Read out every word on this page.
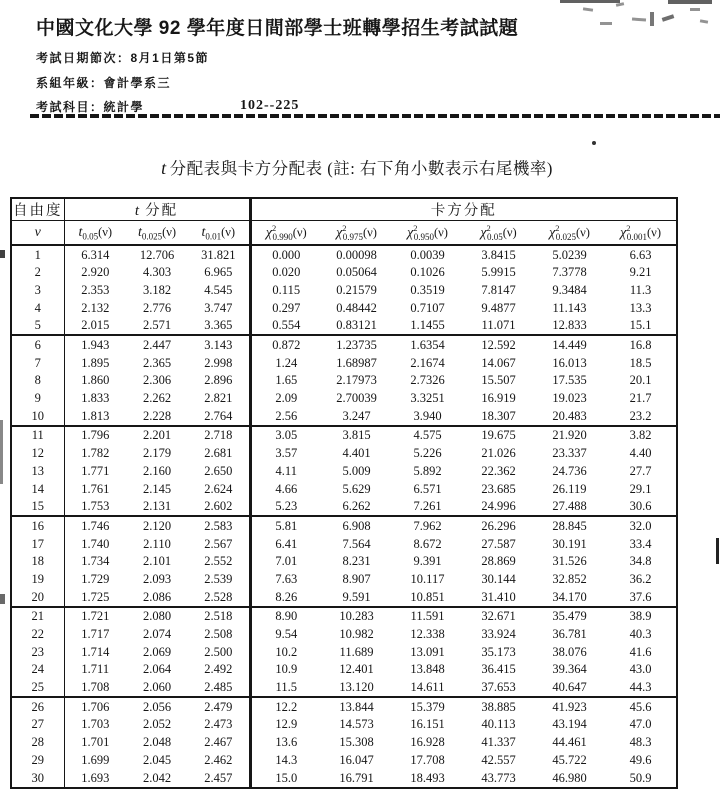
中國文化大學 92 學年度日間部學士班轉學招生考試試題
考試日期節次：8月1日第5節
系組年級：會計學系三
考試科目：統計學	102--225
t 分配表與卡方分配表 (註: 右下角小數表示右尾機率)
自由度	t 分配			卡方分配					
ν	$t_{0.05}(\nu)$	$t_{0.025}(\nu)$	$t_{0.01}(\nu)$	$\chi^2_{0.990}(\nu)$	$\chi^2_{0.975}(\nu)$	$\chi^2_{0.950}(\nu)$	$\chi^2_{0.05}(\nu)$	$\chi^2_{0.025}(\nu)$	$\chi^2_{0.001}(\nu)$
1	6.314	12.706	31.821	0.000	0.00098	0.0039	3.8415	5.0239	6.63
2	2.920	4.303	6.965	0.020	0.05064	0.1026	5.9915	7.3778	9.21
3	2.353	3.182	4.545	0.115	0.21579	0.3519	7.8147	9.3484	11.3
4	2.132	2.776	3.747	0.297	0.48442	0.7107	9.4877	11.143	13.3
5	2.015	2.571	3.365	0.554	0.83121	1.1455	11.071	12.833	15.1
6	1.943	2.447	3.143	0.872	1.23735	1.6354	12.592	14.449	16.8
7	1.895	2.365	2.998	1.24	1.68987	2.1674	14.067	16.013	18.5
8	1.860	2.306	2.896	1.65	2.17973	2.7326	15.507	17.535	20.1
9	1.833	2.262	2.821	2.09	2.70039	3.3251	16.919	19.023	21.7
10	1.813	2.228	2.764	2.56	3.247	3.940	18.307	20.483	23.2
11	1.796	2.201	2.718	3.05	3.815	4.575	19.675	21.920	3.82
12	1.782	2.179	2.681	3.57	4.401	5.226	21.026	23.337	4.40
13	1.771	2.160	2.650	4.11	5.009	5.892	22.362	24.736	27.7
14	1.761	2.145	2.624	4.66	5.629	6.571	23.685	26.119	29.1
15	1.753	2.131	2.602	5.23	6.262	7.261	24.996	27.488	30.6
16	1.746	2.120	2.583	5.81	6.908	7.962	26.296	28.845	32.0
17	1.740	2.110	2.567	6.41	7.564	8.672	27.587	30.191	33.4
18	1.734	2.101	2.552	7.01	8.231	9.391	28.869	31.526	34.8
19	1.729	2.093	2.539	7.63	8.907	10.117	30.144	32.852	36.2
20	1.725	2.086	2.528	8.26	9.591	10.851	31.410	34.170	37.6
21	1.721	2.080	2.518	8.90	10.283	11.591	32.671	35.479	38.9
22	1.717	2.074	2.508	9.54	10.982	12.338	33.924	36.781	40.3
23	1.714	2.069	2.500	10.2	11.689	13.091	35.173	38.076	41.6
24	1.711	2.064	2.492	10.9	12.401	13.848	36.415	39.364	43.0
25	1.708	2.060	2.485	11.5	13.120	14.611	37.653	40.647	44.3
26	1.706	2.056	2.479	12.2	13.844	15.379	38.885	41.923	45.6
27	1.703	2.052	2.473	12.9	14.573	16.151	40.113	43.194	47.0
28	1.701	2.048	2.467	13.6	15.308	16.928	41.337	44.461	48.3
29	1.699	2.045	2.462	14.3	16.047	17.708	42.557	45.722	49.6
30	1.693	2.042	2.457	15.0	16.791	18.493	43.773	46.980	50.9
